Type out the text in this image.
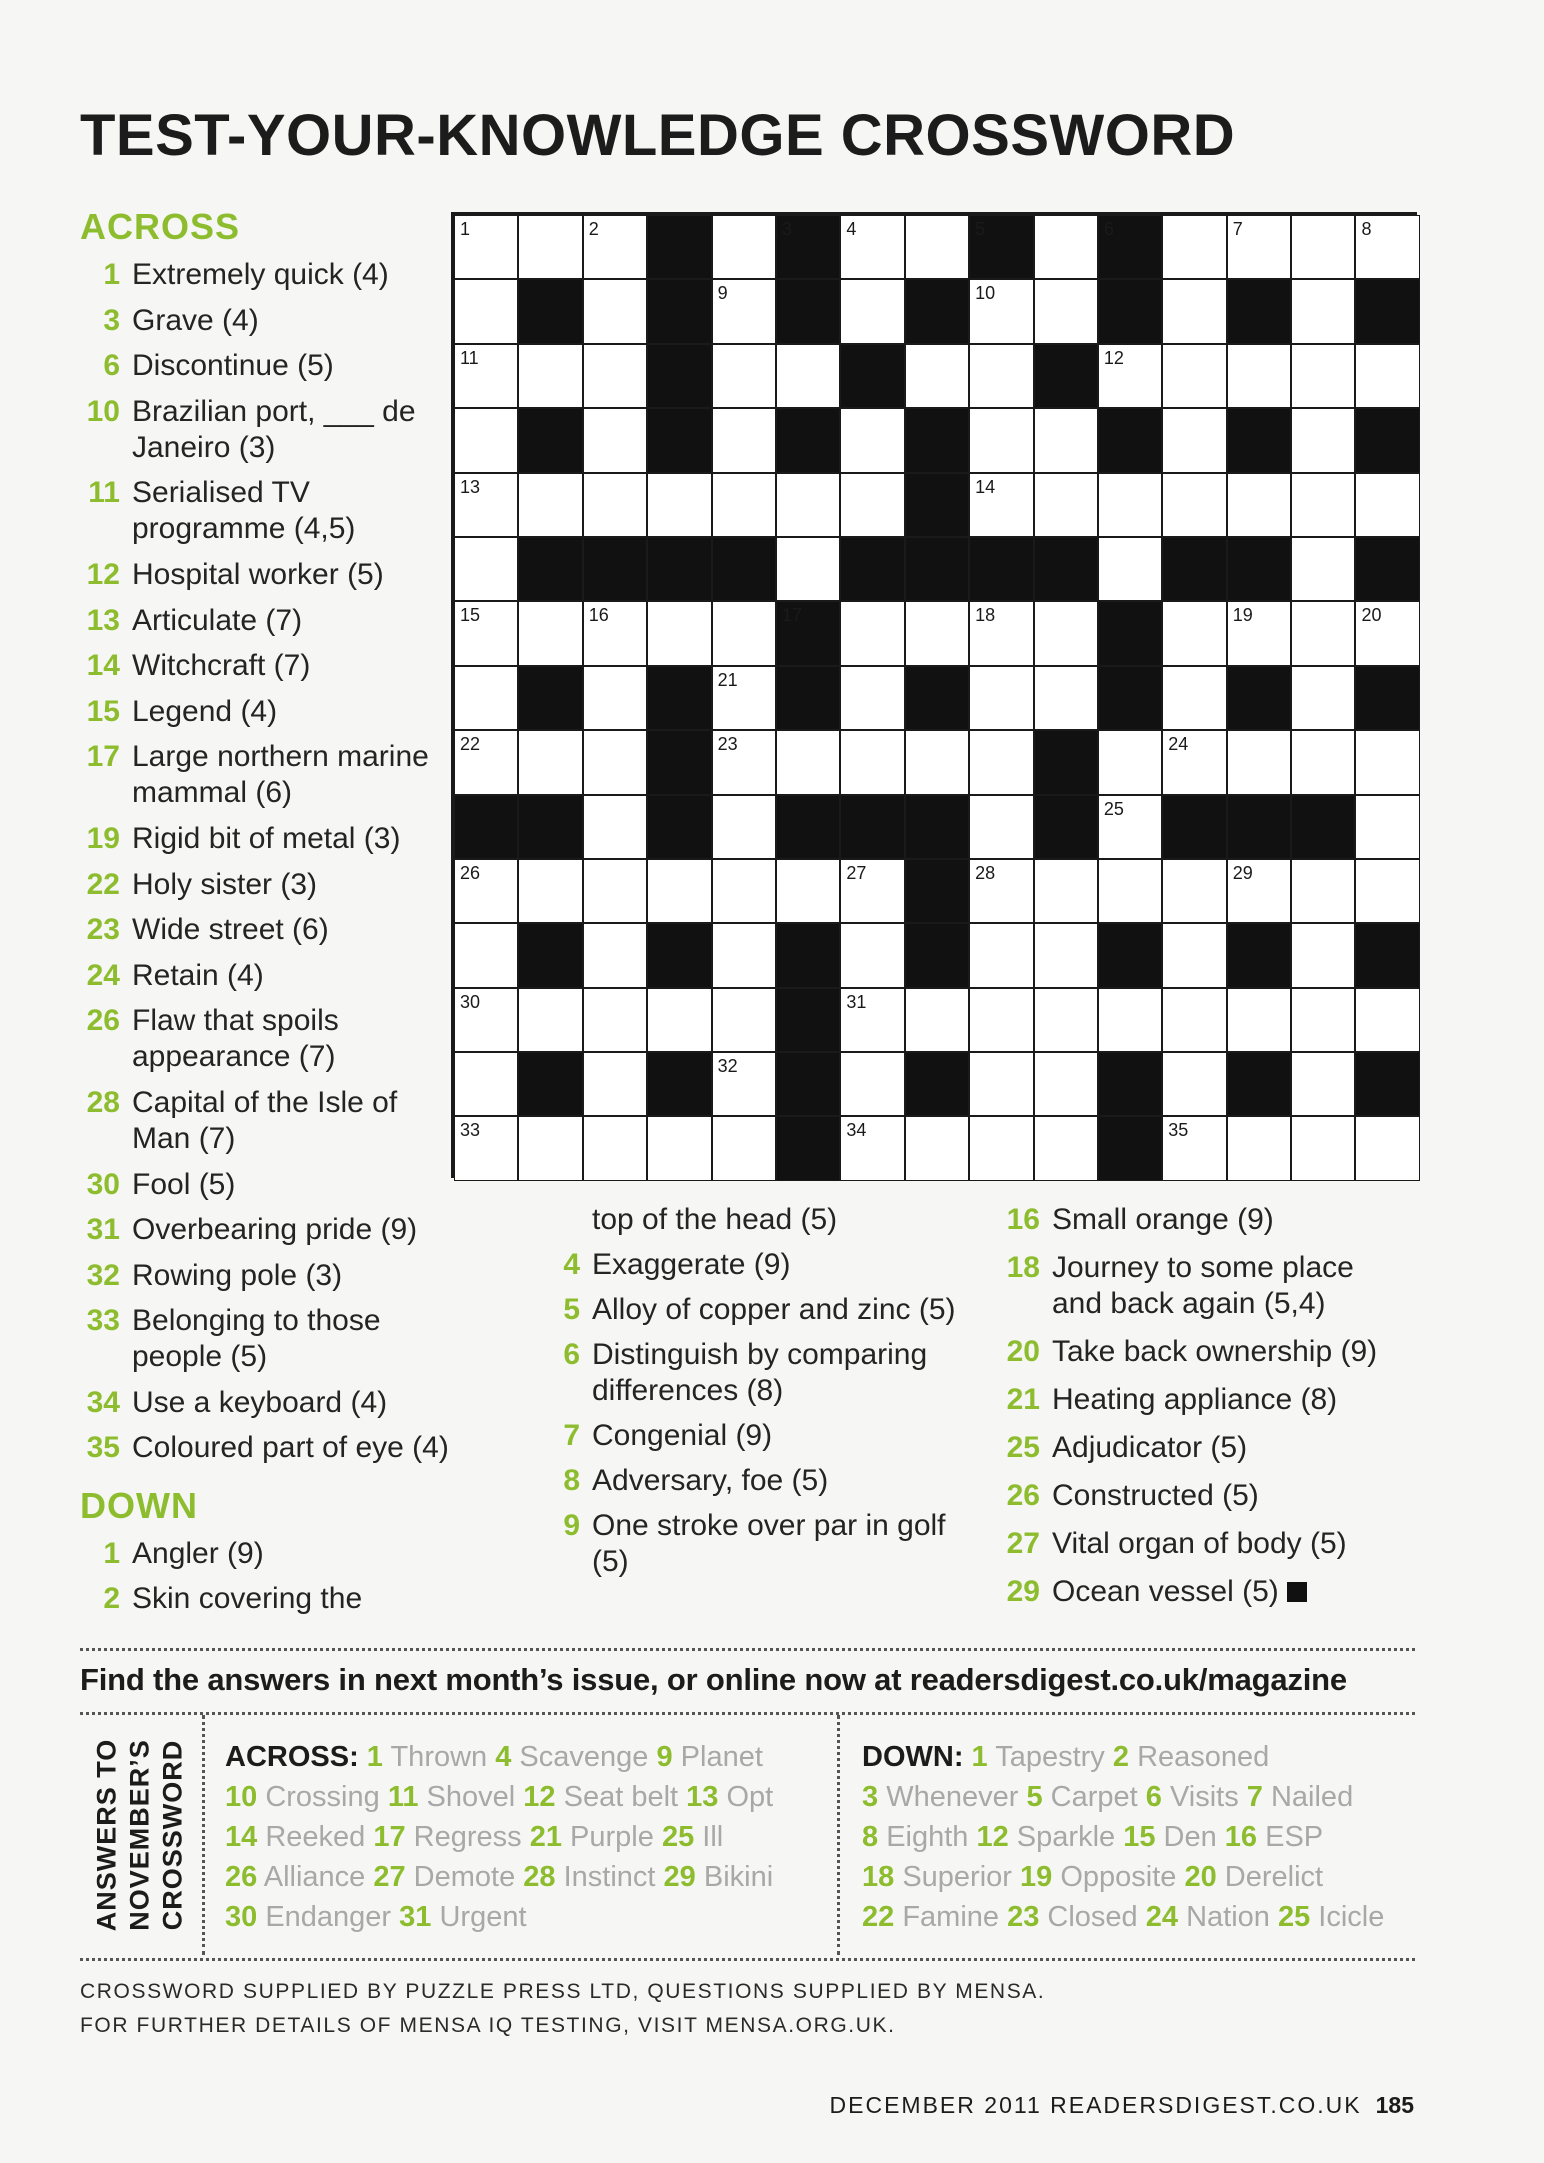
TEST-YOUR-KNOWLEDGE CROSSWORD
ACROSS
1 Extremely quick (4)
3 Grave (4)
6 Discontinue (5)
10 Brazilian port, ___ de Janeiro (3)
11 Serialised TV programme (4,5)
12 Hospital worker (5)
13 Articulate (7)
14 Witchcraft (7)
15 Legend (4)
17 Large northern marine mammal (6)
19 Rigid bit of metal (3)
22 Holy sister (3)
23 Wide street (6)
24 Retain (4)
26 Flaw that spoils appearance (7)
28 Capital of the Isle of Man (7)
30 Fool (5)
31 Overbearing pride (9)
32 Rowing pole (3)
33 Belonging to those people (5)
34 Use a keyboard (4)
35 Coloured part of eye (4)
DOWN
1 Angler (9)
2 Skin covering the
top of the head (5)
4 Exaggerate (9)
5 Alloy of copper and zinc (5)
6 Distinguish by comparing differences (8)
7 Congenial (9)
8 Adversary, foe (5)
9 One stroke over par in golf (5)
16 Small orange (9)
18 Journey to some place and back again (5,4)
20 Take back ownership (9)
21 Heating appliance (8)
25 Adjudicator (5)
26 Constructed (5)
27 Vital organ of body (5)
29 Ocean vessel (5)
1	2	3	4	5	6	7	8
9	10
11	12
13	14
15	16	17	18	19	20
21
22	23	24
25
26	27	28	29
30	31
32
33	34	35
Find the answers in next month’s issue, or online now at readersdigest.co.uk/magazine
ANSWERS TO NOVEMBER’S CROSSWORD ACROSS: 1 Thrown 4 Scavenge 9 Planet
10 Crossing 11 Shovel 12 Seat belt 13 Opt
14 Reeked 17 Regress 21 Purple 25 Ill
26 Alliance 27 Demote 28 Instinct 29 Bikini
30 Endanger 31 Urgent
DOWN: 1 Tapestry 2 Reasoned
3 Whenever 5 Carpet 6 Visits 7 Nailed
8 Eighth 12 Sparkle 15 Den 16 ESP
18 Superior 19 Opposite 20 Derelict
22 Famine 23 Closed 24 Nation 25 Icicle
CROSSWORD SUPPLIED BY PUZZLE PRESS LTD, QUESTIONS SUPPLIED BY MENSA.
FOR FURTHER DETAILS OF MENSA IQ TESTING, VISIT MENSA.ORG.UK.
DECEMBER 2011 READERSDIGEST.CO.UK 185
